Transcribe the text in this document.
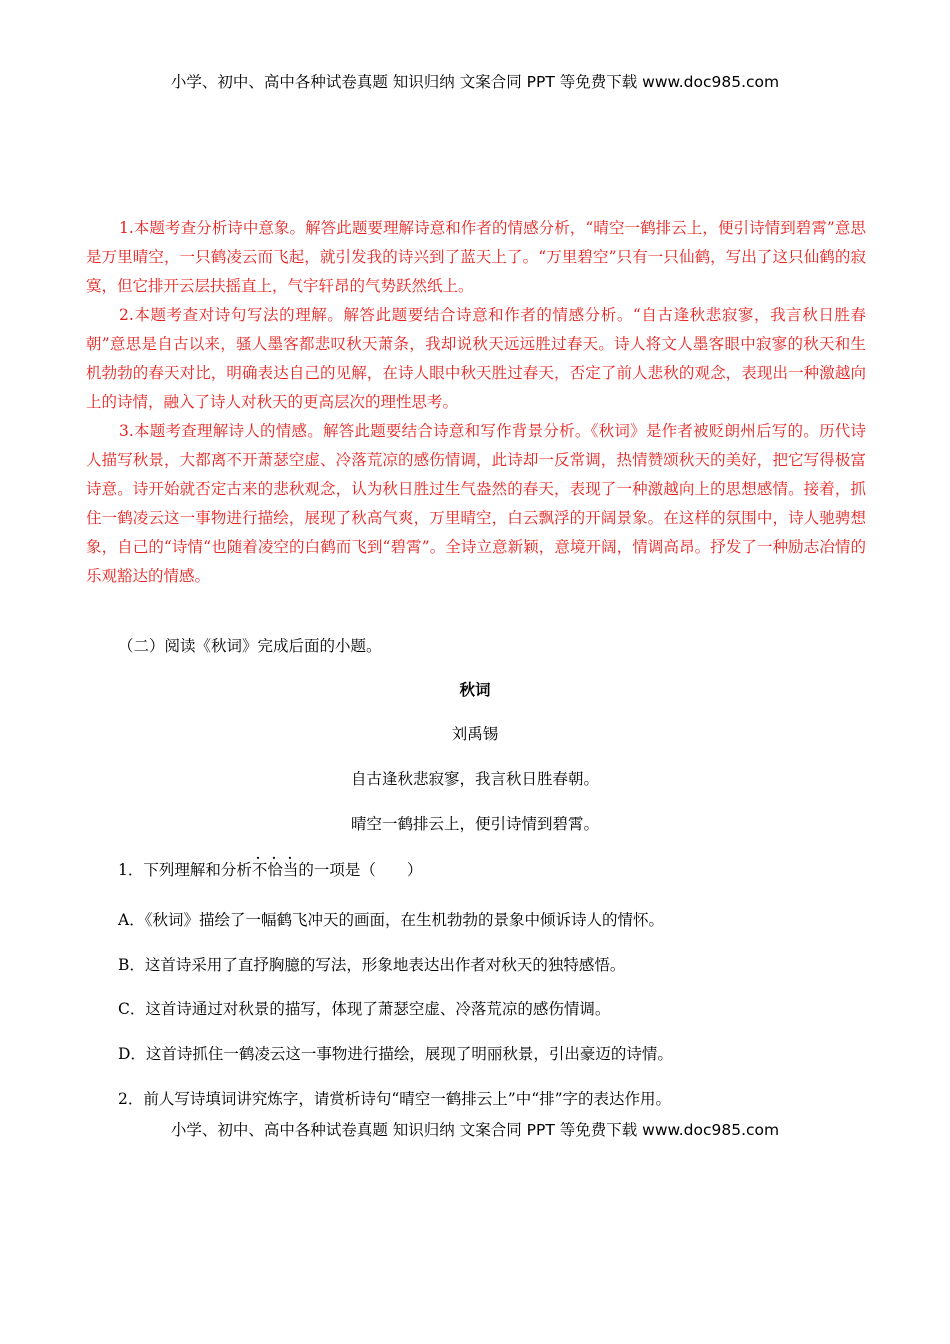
小学、初中、高中各种试卷真题 知识归纳 文案合同 PPT 等免费下载 www.doc985.com

1.本题考查分析诗中意象。解答此题要理解诗意和作者的情感分析，“晴空一鹤排云上，便引诗情到碧霄”意思是万里晴空，一只鹤凌云而飞起，就引发我的诗兴到了蓝天上了。“万里碧空”只有一只仙鹤，写出了这只仙鹤的寂寞，但它排开云层扶摇直上，气宇轩昂的气势跃然纸上。

2.本题考查对诗句写法的理解。解答此题要结合诗意和作者的情感分析。“自古逢秋悲寂寥，我言秋日胜春朝”意思是自古以来，骚人墨客都悲叹秋天萧条，我却说秋天远远胜过春天。诗人将文人墨客眼中寂寥的秋天和生机勃勃的春天对比，明确表达自己的见解，在诗人眼中秋天胜过春天，否定了前人悲秋的观念，表现出一种激越向上的诗情，融入了诗人对秋天的更高层次的理性思考。

3.本题考查理解诗人的情感。解答此题要结合诗意和写作背景分析。《秋词》是作者被贬朗州后写的。历代诗人描写秋景，大都离不开萧瑟空虚、冷落荒凉的感伤情调，此诗却一反常调，热情赞颂秋天的美好，把它写得极富诗意。诗开始就否定古来的悲秋观念，认为秋日胜过生气盎然的春天，表现了一种激越向上的思想感情。接着，抓住一鹤凌云这一事物进行描绘，展现了秋高气爽，万里晴空，白云飘浮的开阔景象。在这样的氛围中，诗人驰骋想象，自己的“诗情“也随着凌空的白鹤而飞到“碧霄”。全诗立意新颖，意境开阔，情调高昂。抒发了一种励志冶情的乐观豁达的情感。

（二）阅读《秋词》完成后面的小题。
秋词
刘禹锡
自古逢秋悲寂寥，我言秋日胜春朝。
晴空一鹤排云上，便引诗情到碧霄。
1．下列理解和分析
· · ·
不恰当的一项是（　　）
A．《秋词》描绘了一幅鹤飞冲天的画面，在生机勃勃的景象中倾诉诗人的情怀。
B．这首诗采用了直抒胸臆的写法，形象地表达出作者对秋天的独特感悟。
C．这首诗通过对秋景的描写，体现了萧瑟空虚、冷落荒凉的感伤情调。
D．这首诗抓住一鹤凌云这一事物进行描绘，展现了明丽秋景，引出豪迈的诗情。
2．前人写诗填词讲究炼字，请赏析诗句“晴空一鹤排云上”中“排”字的表达作用。
小学、初中、高中各种试卷真题 知识归纳 文案合同 PPT 等免费下载 www.doc985.com
